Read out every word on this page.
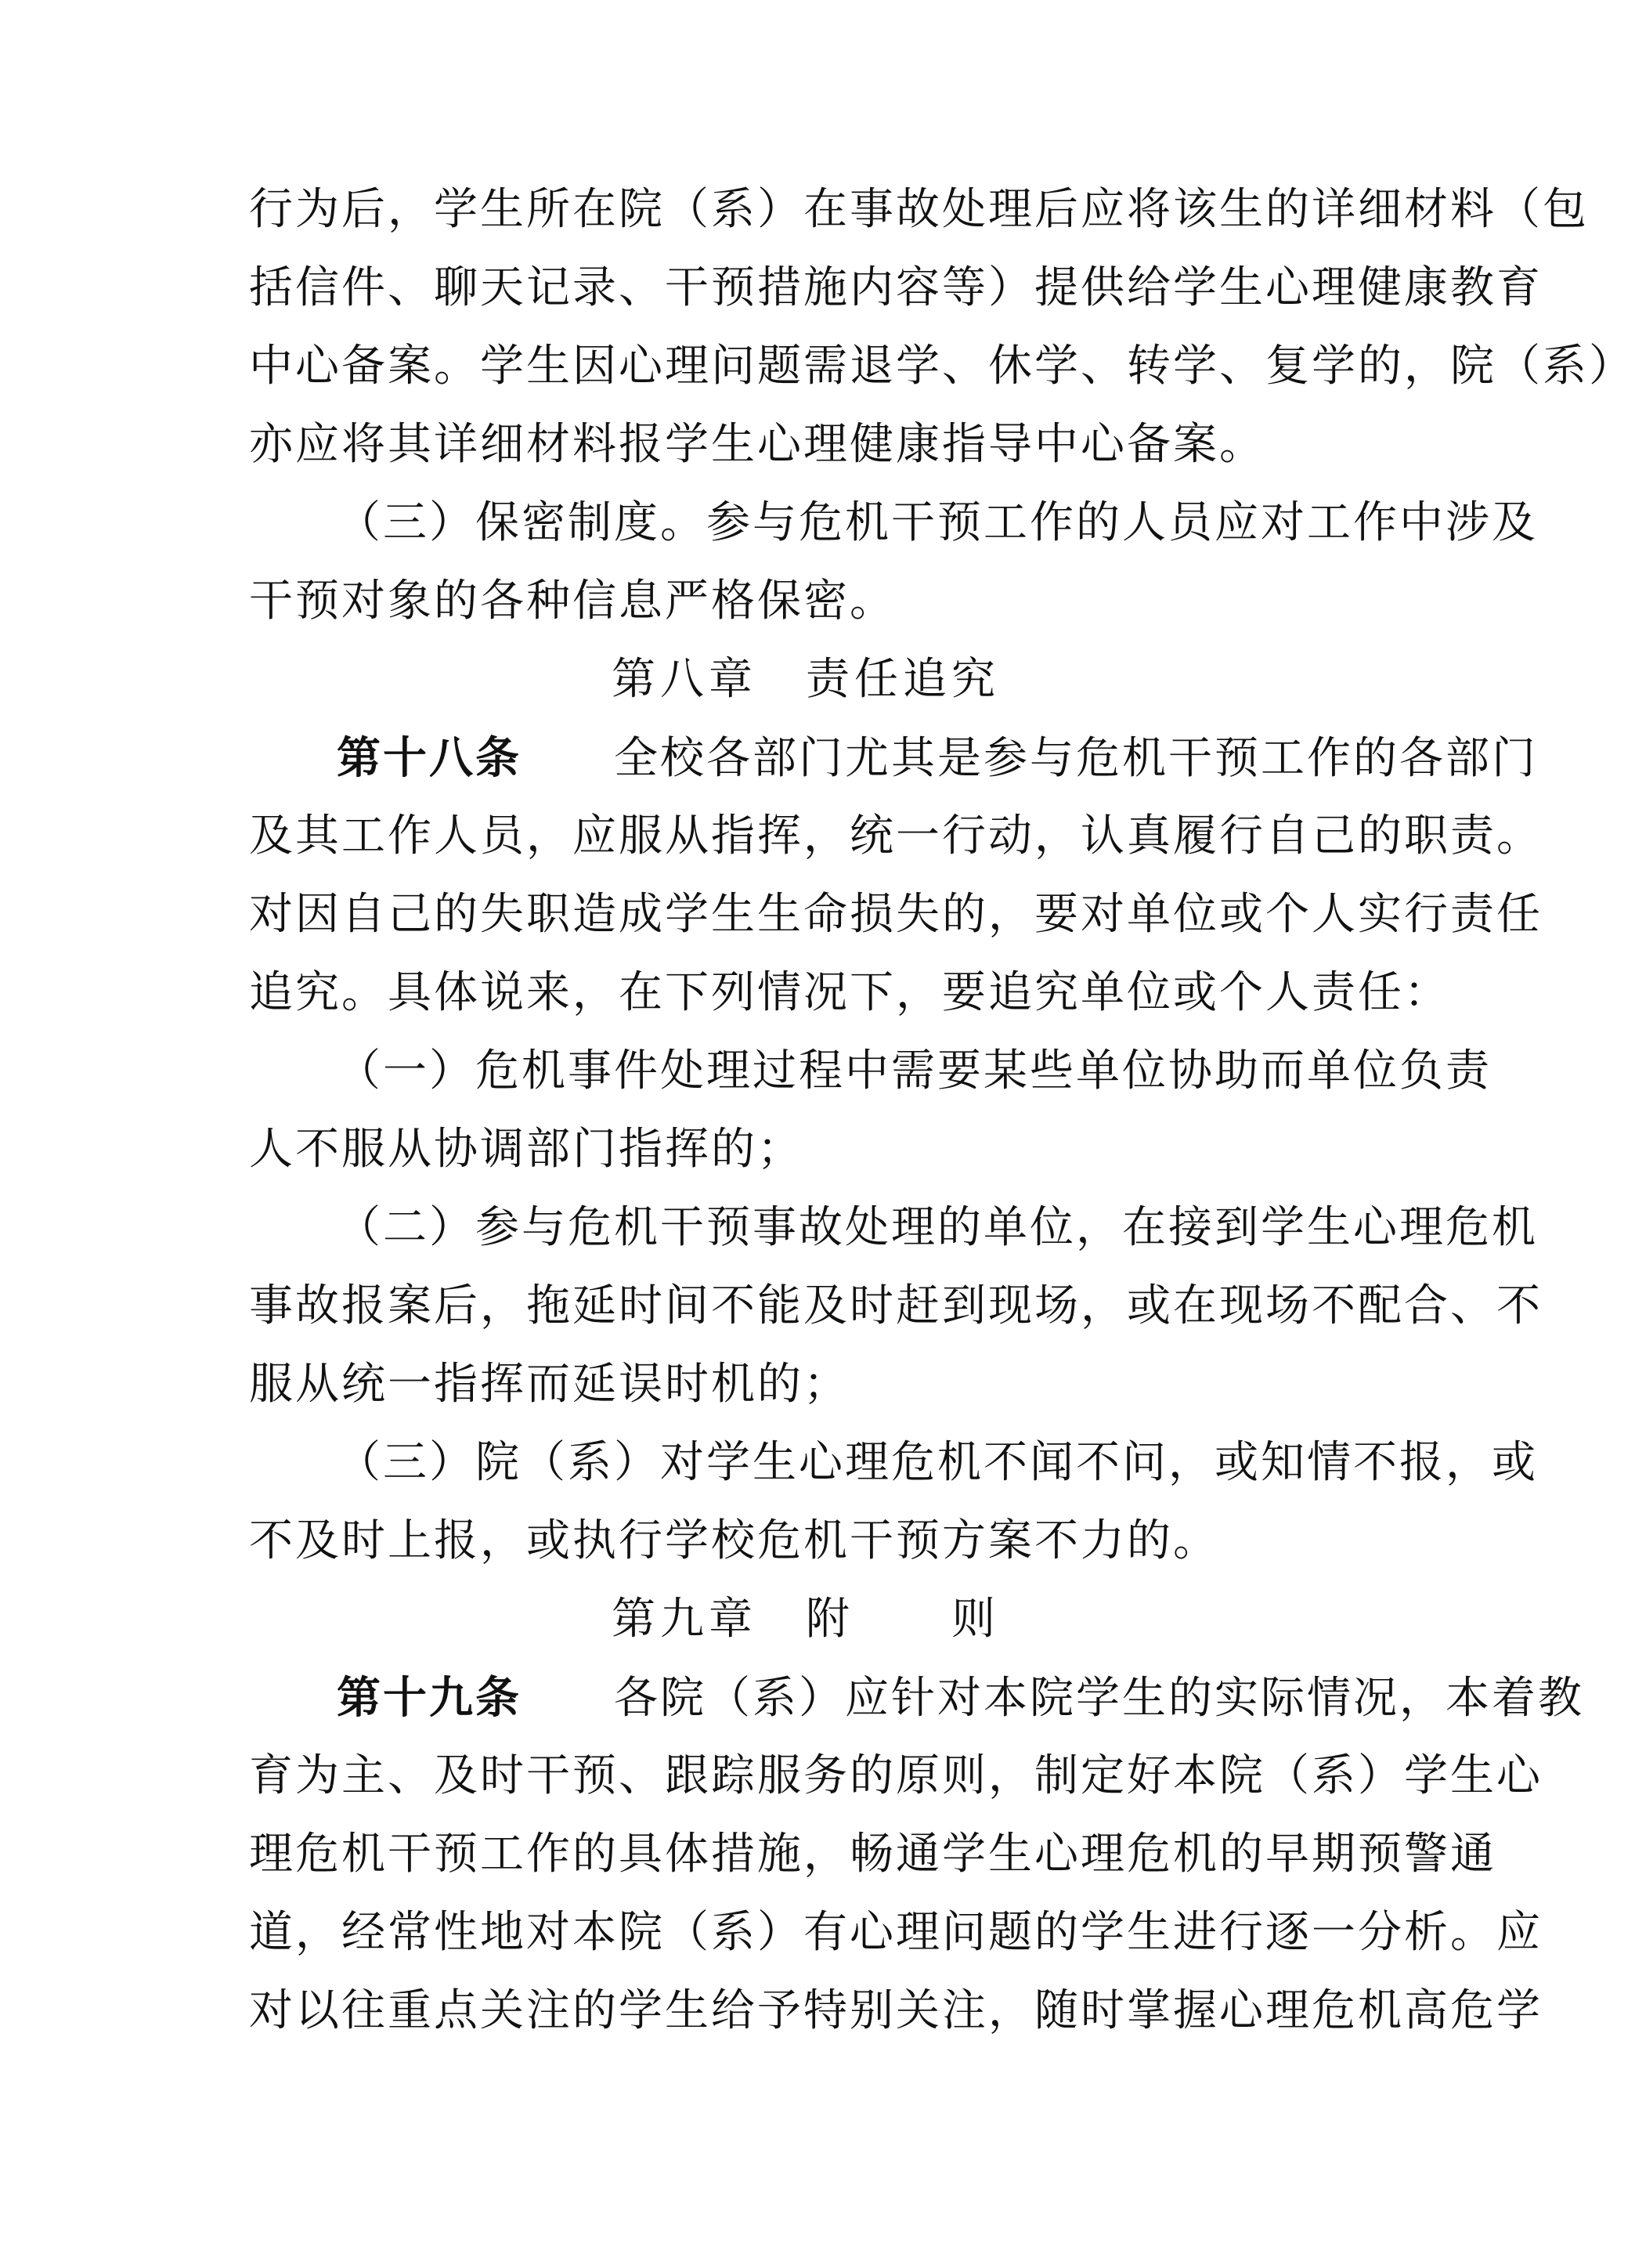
行为后，学生所在院（系）在事故处理后应将该生的详细材料（包
括信件、聊天记录、干预措施内容等）提供给学生心理健康教育
中心备案。学生因心理问题需退学、休学、转学、复学的，院（系）
亦应将其详细材料报学生心理健康指导中心备案。
（三）保密制度。参与危机干预工作的人员应对工作中涉及
干预对象的各种信息严格保密。
第八章　责任追究
第十八条　　 全校各部门尤其是参与危机干预工作的各部门
及其工作人员，应服从指挥，统一行动，认真履行自己的职责。
对因自己的失职造成学生生命损失的，要对单位或个人实行责任
追究。具体说来，在下列情况下，要追究单位或个人责任：
（一）危机事件处理过程中需要某些单位协助而单位负责
人不服从协调部门指挥的；
（二）参与危机干预事故处理的单位，在接到学生心理危机
事故报案后，拖延时间不能及时赶到现场，或在现场不配合、不
服从统一指挥而延误时机的；
（三）院（系）对学生心理危机不闻不问，或知情不报，或
不及时上报，或执行学校危机干预方案不力的。
第九章　附　　则
第十九条　　 各院（系）应针对本院学生的实际情况，本着教
育为主、及时干预、跟踪服务的原则，制定好本院（系）学生心
理危机干预工作的具体措施，畅通学生心理危机的早期预警通
道，经常性地对本院（系）有心理问题的学生进行逐一分析。应
对以往重点关注的学生给予特别关注，随时掌握心理危机高危学
